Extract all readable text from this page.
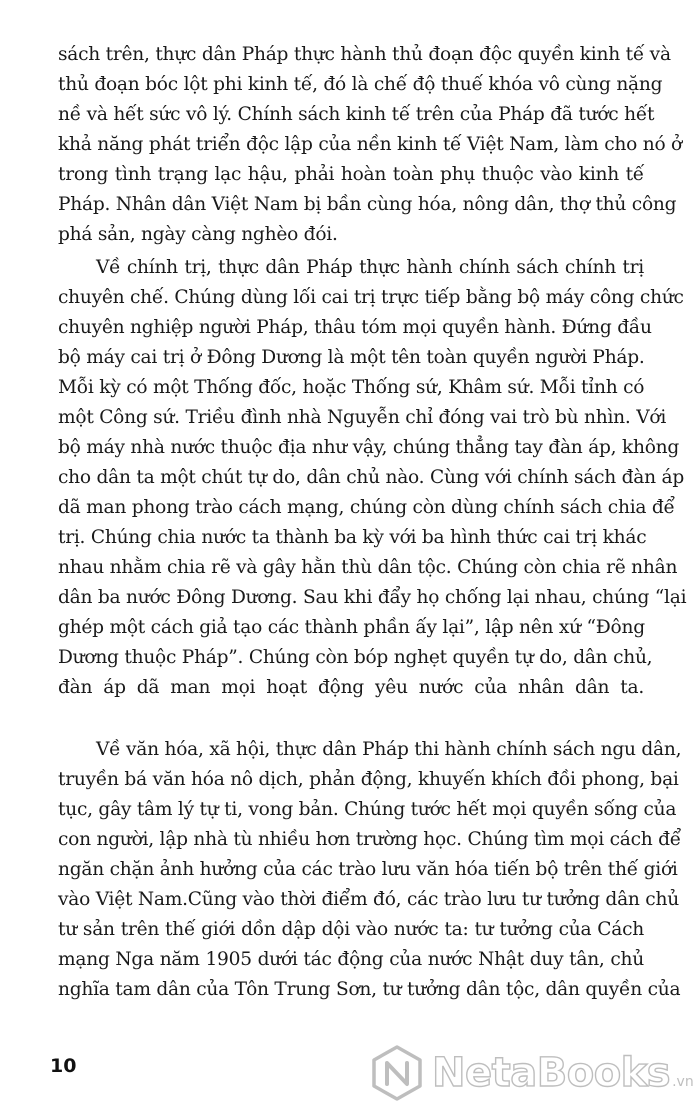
sách trên, thực dân Pháp thực hành thủ đoạn độc quyền kinh tế và
thủ đoạn bóc lột phi kinh tế, đó là chế độ thuế khóa vô cùng nặng
nề và hết sức vô lý. Chính sách kinh tế trên của Pháp đã tước hết
khả năng phát triển độc lập của nền kinh tế Việt Nam, làm cho nó ở
trong tình trạng lạc hậu, phải hoàn toàn phụ thuộc vào kinh tế
Pháp. Nhân dân Việt Nam bị bần cùng hóa, nông dân, thợ thủ công
phá sản, ngày càng nghèo đói.
Về chính trị, thực dân Pháp thực hành chính sách chính trị
chuyên chế. Chúng dùng lối cai trị trực tiếp bằng bộ máy công chức
chuyên nghiệp người Pháp, thâu tóm mọi quyền hành. Đứng đầu
bộ máy cai trị ở Đông Dương là một tên toàn quyền người Pháp.
Mỗi kỳ có một Thống đốc, hoặc Thống sứ, Khâm sứ. Mỗi tỉnh có
một Công sứ. Triều đình nhà Nguyễn chỉ đóng vai trò bù nhìn. Với
bộ máy nhà nước thuộc địa như vậy, chúng thẳng tay đàn áp, không
cho dân ta một chút tự do, dân chủ nào. Cùng với chính sách đàn áp
dã man phong trào cách mạng, chúng còn dùng chính sách chia để
trị. Chúng chia nước ta thành ba kỳ với ba hình thức cai trị khác
nhau nhằm chia rẽ và gây hằn thù dân tộc. Chúng còn chia rẽ nhân
dân ba nước Đông Dương. Sau khi đẩy họ chống lại nhau, chúng “lại
ghép một cách giả tạo các thành phần ấy lại”, lập nên xứ “Đông
Dương thuộc Pháp”. Chúng còn bóp nghẹt quyền tự do, dân chủ,
đàn áp dã man mọi hoạt động yêu nước của nhân dân ta.
Về văn hóa, xã hội, thực dân Pháp thi hành chính sách ngu dân,
truyền bá văn hóa nô dịch, phản động, khuyến khích đồi phong, bại
tục, gây tâm lý tự ti, vong bản. Chúng tước hết mọi quyền sống của
con người, lập nhà tù nhiều hơn trường học. Chúng tìm mọi cách để
ngăn chặn ảnh hưởng của các trào lưu văn hóa tiến bộ trên thế giới
vào Việt Nam.Cũng vào thời điểm đó, các trào lưu tư tưởng dân chủ
tư sản trên thế giới dồn dập dội vào nước ta: tư tưởng của Cách
mạng Nga năm 1905 dưới tác động của nước Nhật duy tân, chủ
nghĩa tam dân của Tôn Trung Sơn, tư tưởng dân tộc, dân quyền của
10	NetaBooks .vn
